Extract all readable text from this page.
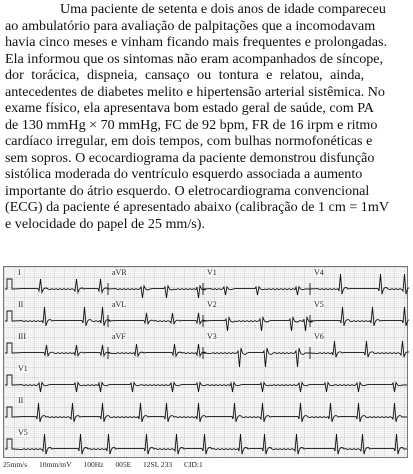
Uma paciente de setenta e dois anos de idade compareceu
ao ambulatório para avaliação de palpitações que a incomodavam
havia cinco meses e vinham ficando mais frequentes e prolongadas.
Ela informou que os sintomas não eram acompanhados de síncope,
dor torácica, dispneia, cansaço ou tontura e relatou, ainda,
antecedentes de diabetes melito e hipertensão arterial sistêmica. No
exame físico, ela apresentava bom estado geral de saúde, com PA
de 130 mmHg × 70 mmHg, FC de 92 bpm, FR de 16 irpm e ritmo
cardíaco irregular, em dois tempos, com bulhas normofonéticas e
sem sopros. O ecocardiograma da paciente demonstrou disfunção
sistólica moderada do ventrículo esquerdo associada a aumento
importante do átrio esquerdo. O eletrocardiograma convencional
(ECG) da paciente é apresentado abaixo (calibração de 1 cm = 1mV
e velocidade do papel de 25 mm/s).

I	aVR	V1	V4
II	aVL	V2	V5
III	aVF	V3	V6
V1
II
V5
25mm/s 10mm/mV 100Hz 005E 12SL 233 CID:1
